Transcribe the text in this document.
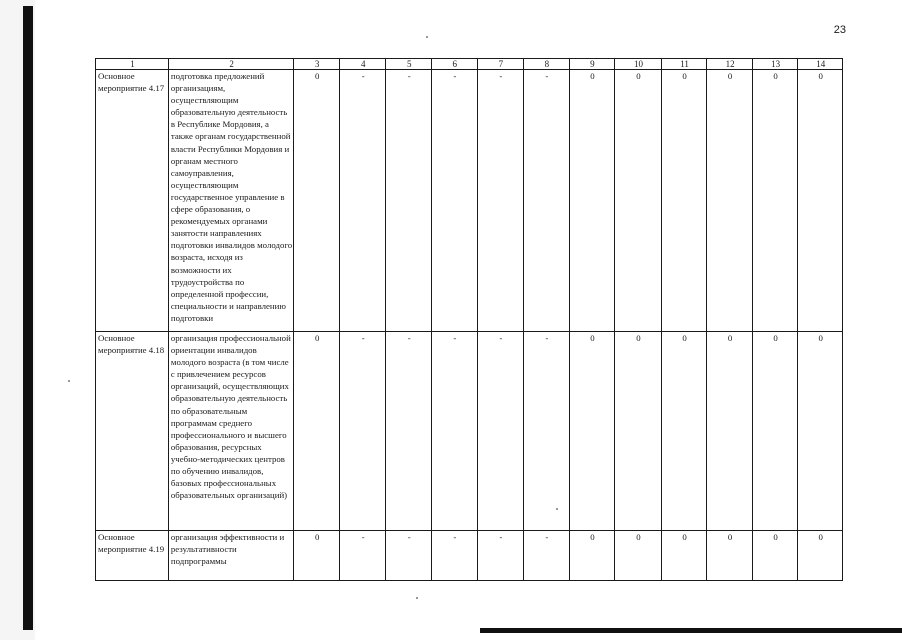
23
1	2	3	4	5	6	7	8	9	10	11	12	13	14
Основное мероприятие 4.17	подготовка предложений организациям, осуществляющим образовательную деятельность в Республике Мордовия, а также органам государственной власти Республики Мордовия и органам местного самоуправления, осуществляющим государственное управление в сфере образования, о рекомендуемых органами занятости направлениях подготовки инвалидов молодого возраста, исходя из возможности их трудоустройства по определенной профессии, специальности и направлению подготовки	0	-	-	-	-	-	0	0	0	0	0	0
Основное мероприятие 4.18	организация профессиональной ориентации инвалидов молодого возраста (в том числе с привлечением ресурсов организаций, осуществляющих образовательную деятельность по образовательным программам среднего профессионального и высшего образования, ресурсных учебно-методических центров по обучению инвалидов, базовых профессиональных образовательных организаций)	0	-	-	-	-	-	0	0	0	0	0	0
Основное мероприятие 4.19	организация эффективности и результативности подпрограммы	0	-	-	-	-	-	0	0	0	0	0	0
